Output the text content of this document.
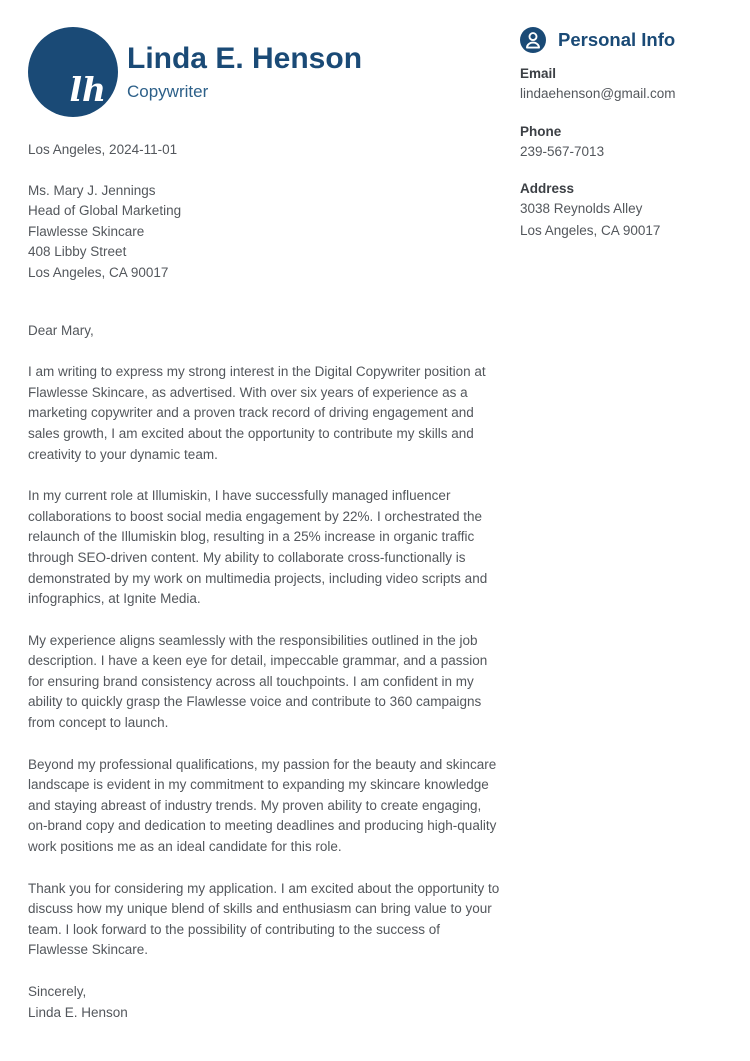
lh
Linda E. Henson
Copywriter
Los Angeles, 2024-11-01
Ms. Mary J. Jennings
Head of Global Marketing
Flawlesse Skincare
408 Libby Street
Los Angeles, CA 90017
Dear Mary,

I am writing to express my strong interest in the Digital Copywriter position at Flawlesse Skincare, as advertised. With over six years of experience as a marketing copywriter and a proven track record of driving engagement and sales growth, I am excited about the opportunity to contribute my skills and creativity to your dynamic team.

In my current role at Illumiskin, I have successfully managed influencer collaborations to boost social media engagement by 22%. I orchestrated the relaunch of the Illumiskin blog, resulting in a 25% increase in organic traffic through SEO-driven content. My ability to collaborate cross-functionally is demonstrated by my work on multimedia projects, including video scripts and infographics, at Ignite Media.

My experience aligns seamlessly with the responsibilities outlined in the job description. I have a keen eye for detail, impeccable grammar, and a passion for ensuring brand consistency across all touchpoints. I am confident in my ability to quickly grasp the Flawlesse voice and contribute to 360 campaigns from concept to launch.

Beyond my professional qualifications, my passion for the beauty and skincare landscape is evident in my commitment to expanding my skincare knowledge and staying abreast of industry trends. My proven ability to create engaging, on-brand copy and dedication to meeting deadlines and producing high-quality work positions me as an ideal candidate for this role.

Thank you for considering my application. I am excited about the opportunity to discuss how my unique blend of skills and enthusiasm can bring value to your team. I look forward to the possibility of contributing to the success of Flawlesse Skincare.

Sincerely,
Linda E. Henson
Personal Info
Email
lindaehenson@gmail.com
Phone
239-567-7013
Address
3038 Reynolds Alley
Los Angeles, CA 90017
